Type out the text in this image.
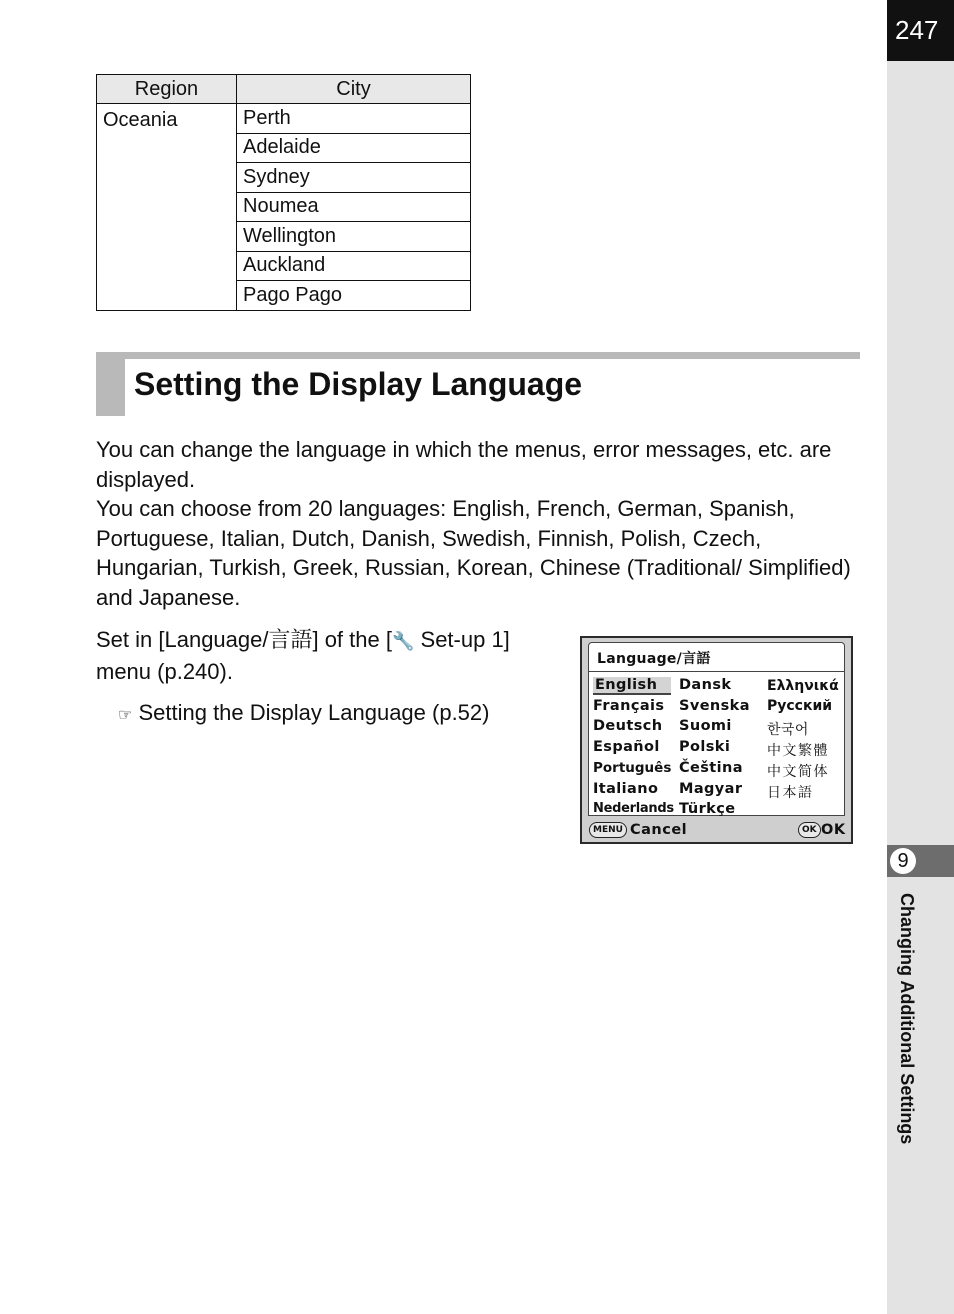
247
9
Changing Additional Settings
Region	City
Oceania	Perth
	Adelaide
	Sydney
	Noumea
	Wellington
	Auckland
	Pago Pago
Setting the Display Language

You can change the language in which the menus, error messages, etc. are displayed.
You can choose from 20 languages: English, French, German, Spanish, Portuguese, Italian, Dutch, Danish, Swedish, Finnish, Polish, Czech, Hungarian, Turkish, Greek, Russian, Korean, Chinese (Traditional/ Simplified) and Japanese.

Set in [Language/言語] of the [🔧 Set-up 1] menu (p.240).

☞ Setting the Display Language (p.52)
Language/言語
English
Français
Deutsch
Español
Português
Italiano
Nederlands
Dansk
Svenska
Suomi
Polski
Čeština
Magyar
Türkçe
Ελληνικά
Русский
한국어
中文繁體
中文简体
日本語
MENU Cancel	OK OK
